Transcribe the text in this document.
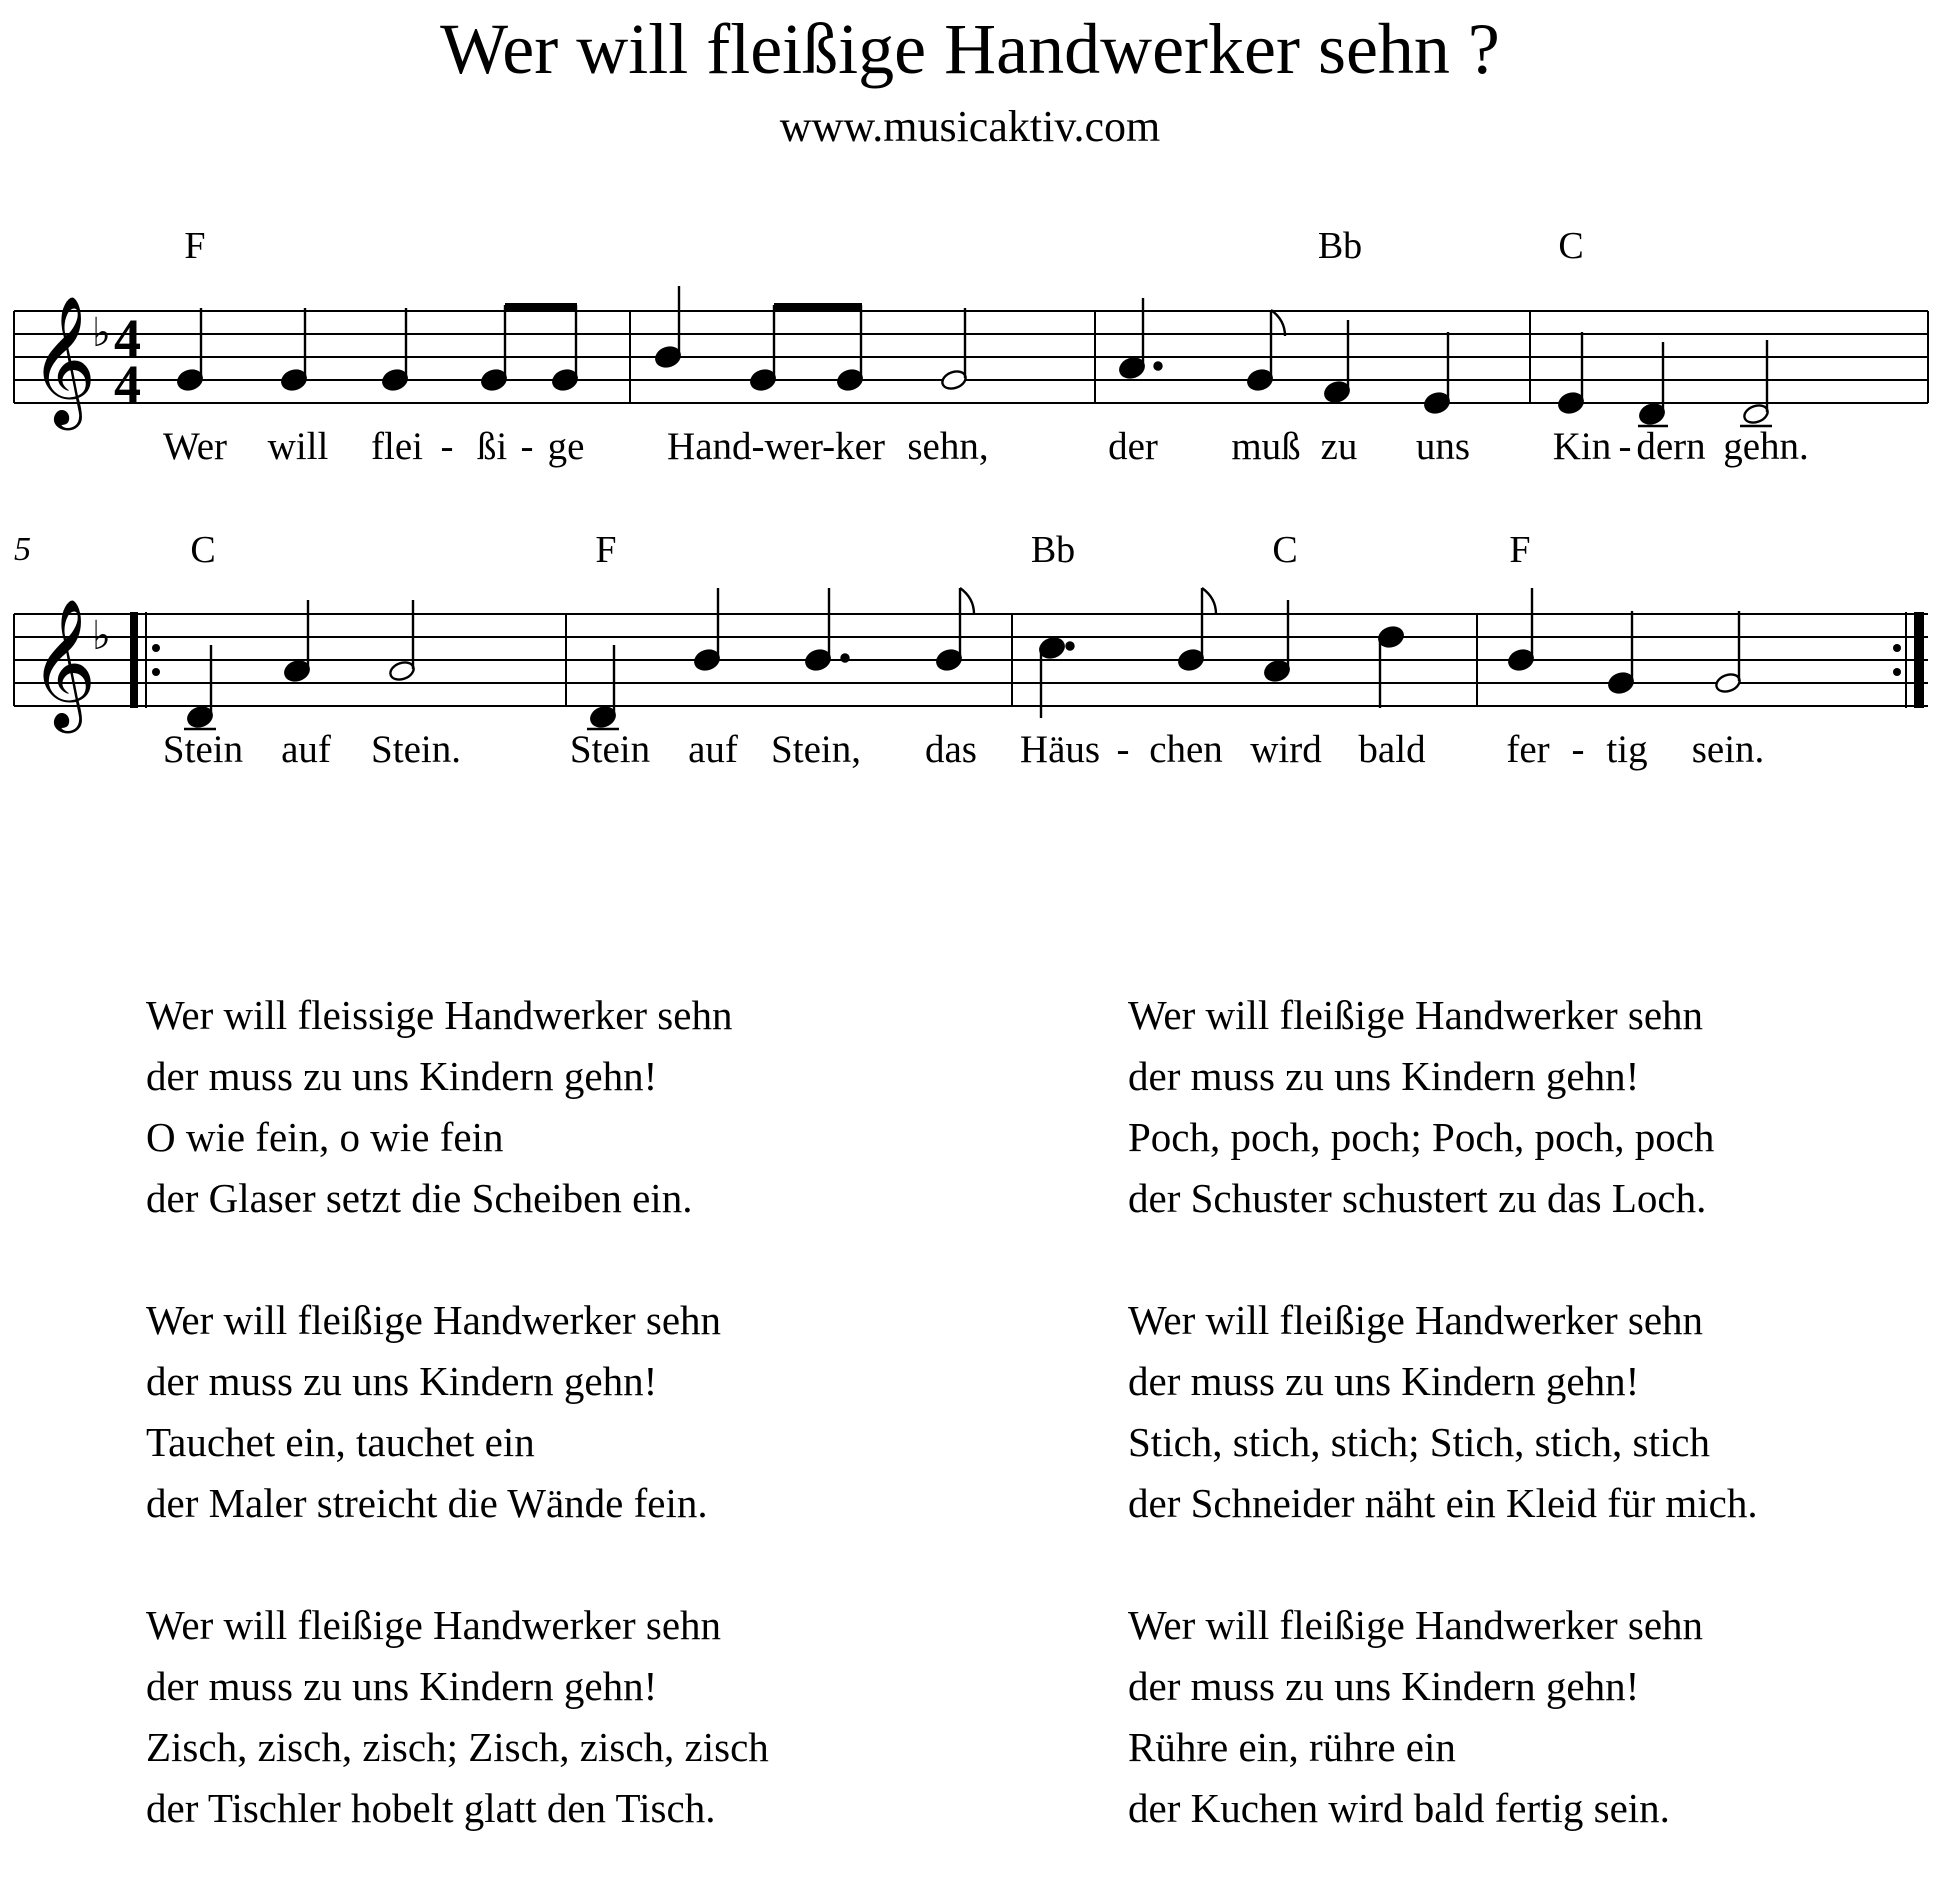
Wer will fleißige Handwerker sehn ?
www.musicaktiv.com
𝄞
𝄞
♭
♭
4
4
5
F	Bb	C
C	F	Bb	C	F
Wer will flei - ßi - ge Hand-wer-ker sehn,	der muß zu uns Kin - dern gehn.
Stein auf Stein.	Stein auf Stein, das Häus - chen wird bald fer - tig sein.
Wer will fleissige Handwerker sehn
der muss zu uns Kindern gehn!
O wie fein, o wie fein
der Glaser setzt die Scheiben ein.
Wer will fleißige Handwerker sehn
der muss zu uns Kindern gehn!
Tauchet ein, tauchet ein
der Maler streicht die Wände fein.
Wer will fleißige Handwerker sehn
der muss zu uns Kindern gehn!
Zisch, zisch, zisch; Zisch, zisch, zisch
der Tischler hobelt glatt den Tisch.
Wer will fleißige Handwerker sehn
der muss zu uns Kindern gehn!
Poch, poch, poch; Poch, poch, poch
der Schuster schustert zu das Loch.
Wer will fleißige Handwerker sehn
der muss zu uns Kindern gehn!
Stich, stich, stich; Stich, stich, stich
der Schneider näht ein Kleid für mich.
Wer will fleißige Handwerker sehn
der muss zu uns Kindern gehn!
Rühre ein, rühre ein
der Kuchen wird bald fertig sein.
